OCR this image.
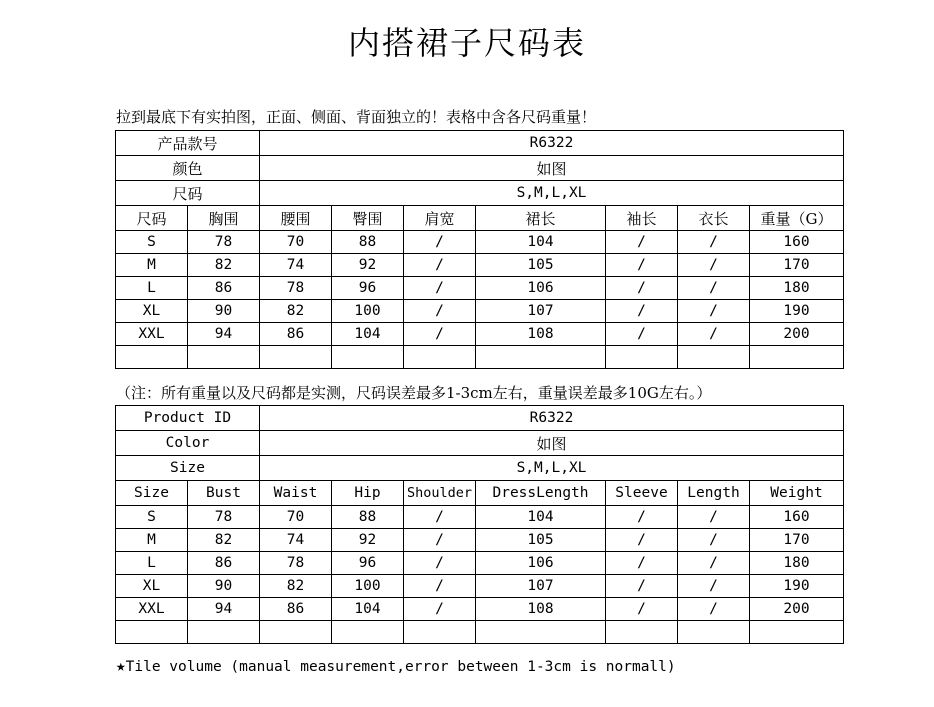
内搭裙子尺码表
拉到最底下有实拍图，正面、侧面、背面独立的！表格中含各尺码重量！
产品款号		R6322						
颜色		如图						
尺码		S,M,L,XL						
尺码	胸围	腰围	臀围	肩宽	裙长	袖长	衣长	重量（G）
S	78	70	88	/	104	/	/	160
M	82	74	92	/	105	/	/	170
L	86	78	96	/	106	/	/	180
XL	90	82	100	/	107	/	/	190
XXL	94	86	104	/	108	/	/	200

（注：所有重量以及尺码都是实测，尺码误差最多1-3cm左右，重量误差最多10G左右。）
Product ID		R6322						
Color		如图						
Size		S,M,L,XL						
Size	Bust	Waist	Hip	Shoulder	DressLength	Sleeve	Length	Weight
S	78	70	88	/	104	/	/	160
M	82	74	92	/	105	/	/	170
L	86	78	96	/	106	/	/	180
XL	90	82	100	/	107	/	/	190
XXL	94	86	104	/	108	/	/	200

★Tile volume (manual measurement,error between 1-3cm is normall)
